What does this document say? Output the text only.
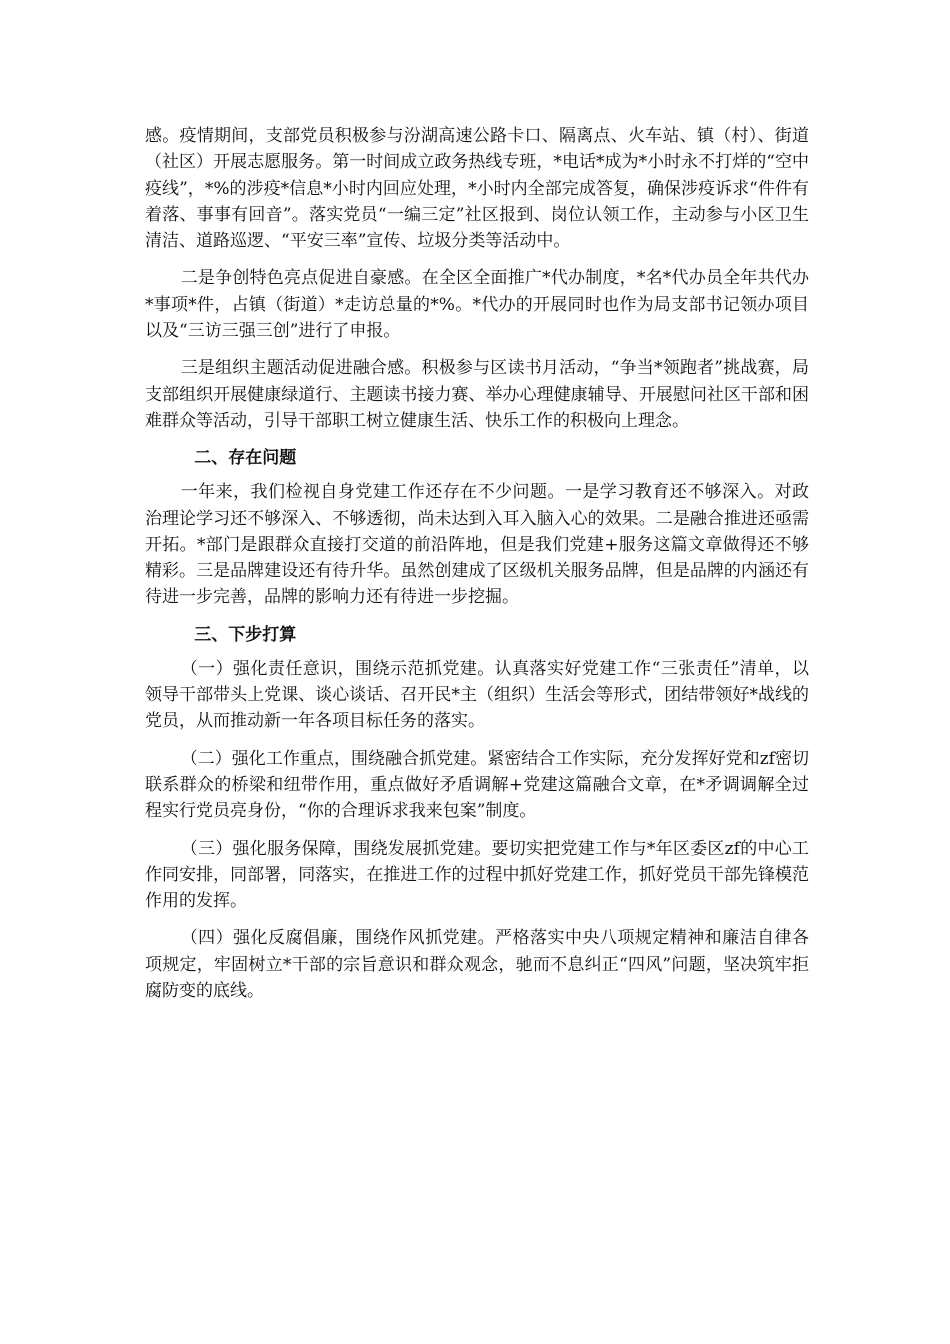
感。疫情期间，支部党员积极参与汾湖高速公路卡口、隔离点、火车站、镇（村）、街道（社区）开展志愿服务。第一时间成立政务热线专班，*电话*成为*小时永不打烊的“空中疫线”，*%的涉疫*信息*小时内回应处理，*小时内全部完成答复，确保涉疫诉求“件件有着落、事事有回音”。落实党员“一编三定”社区报到、岗位认领工作，主动参与小区卫生清洁、道路巡逻、“平安三率”宣传、垃圾分类等活动中。

二是争创特色亮点促进自豪感。在全区全面推广*代办制度，*名*代办员全年共代办*事项*件，占镇（街道）*走访总量的*%。*代办的开展同时也作为局支部书记领办项目以及“三访三强三创”进行了申报。

三是组织主题活动促进融合感。积极参与区读书月活动，“争当*领跑者”挑战赛，局支部组织开展健康绿道行、主题读书接力赛、举办心理健康辅导、开展慰问社区干部和困难群众等活动，引导干部职工树立健康生活、快乐工作的积极向上理念。

二、存在问题

一年来，我们检视自身党建工作还存在不少问题。一是学习教育还不够深入。对政治理论学习还不够深入、不够透彻，尚未达到入耳入脑入心的效果。二是融合推进还亟需开拓。*部门是跟群众直接打交道的前沿阵地，但是我们党建+服务这篇文章做得还不够精彩。三是品牌建设还有待升华。虽然创建成了区级机关服务品牌，但是品牌的内涵还有待进一步完善，品牌的影响力还有待进一步挖掘。

三、下步打算

（一）强化责任意识，围绕示范抓党建。认真落实好党建工作“三张责任”清单，以领导干部带头上党课、谈心谈话、召开民*主（组织）生活会等形式，团结带领好*战线的党员，从而推动新一年各项目标任务的落实。

（二）强化工作重点，围绕融合抓党建。紧密结合工作实际，充分发挥好党和zf密切联系群众的桥梁和纽带作用，重点做好矛盾调解+党建这篇融合文章，在*矛调调解全过程实行党员亮身份，“你的合理诉求我来包案”制度。

（三）强化服务保障，围绕发展抓党建。要切实把党建工作与*年区委区zf的中心工作同安排，同部署，同落实，在推进工作的过程中抓好党建工作，抓好党员干部先锋模范作用的发挥。

（四）强化反腐倡廉，围绕作风抓党建。严格落实中央八项规定精神和廉洁自律各项规定，牢固树立*干部的宗旨意识和群众观念，驰而不息纠正“四风”问题，坚决筑牢拒腐防变的底线。
